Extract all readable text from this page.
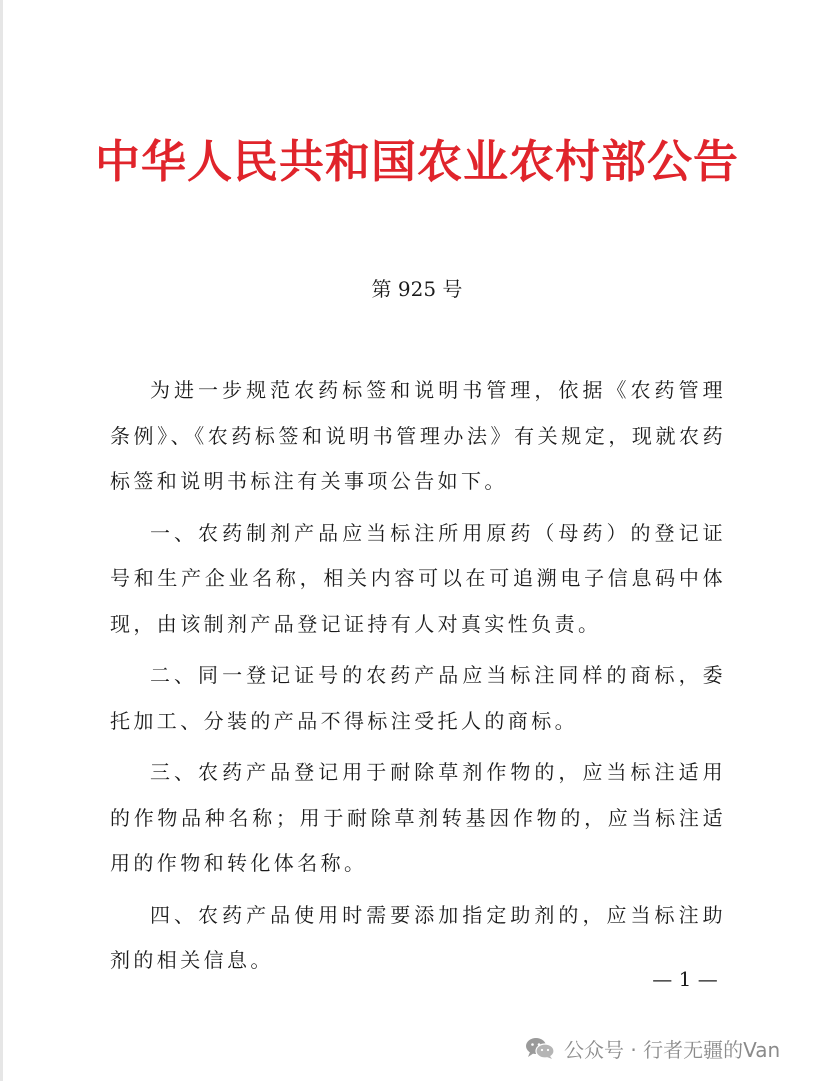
中华人民共和国农业农村部公告
第 925 号

为进一步规范农药标签和说明书管理，依据《农药管理条例》、《农药标签和说明书管理办法》有关规定，现就农药标签和说明书标注有关事项公告如下。

一、农药制剂产品应当标注所用原药（母药）的登记证号和生产企业名称，相关内容可以在可追溯电子信息码中体现，由该制剂产品登记证持有人对真实性负责。

二、同一登记证号的农药产品应当标注同样的商标，委托加工、分装的产品不得标注受托人的商标。

三、农药产品登记用于耐除草剂作物的，应当标注适用的作物品种名称；用于耐除草剂转基因作物的，应当标注适用的作物和转化体名称。

四、农药产品使用时需要添加指定助剂的，应当标注助剂的相关信息。

— 1 —
公众号 · 行者无疆的Van
